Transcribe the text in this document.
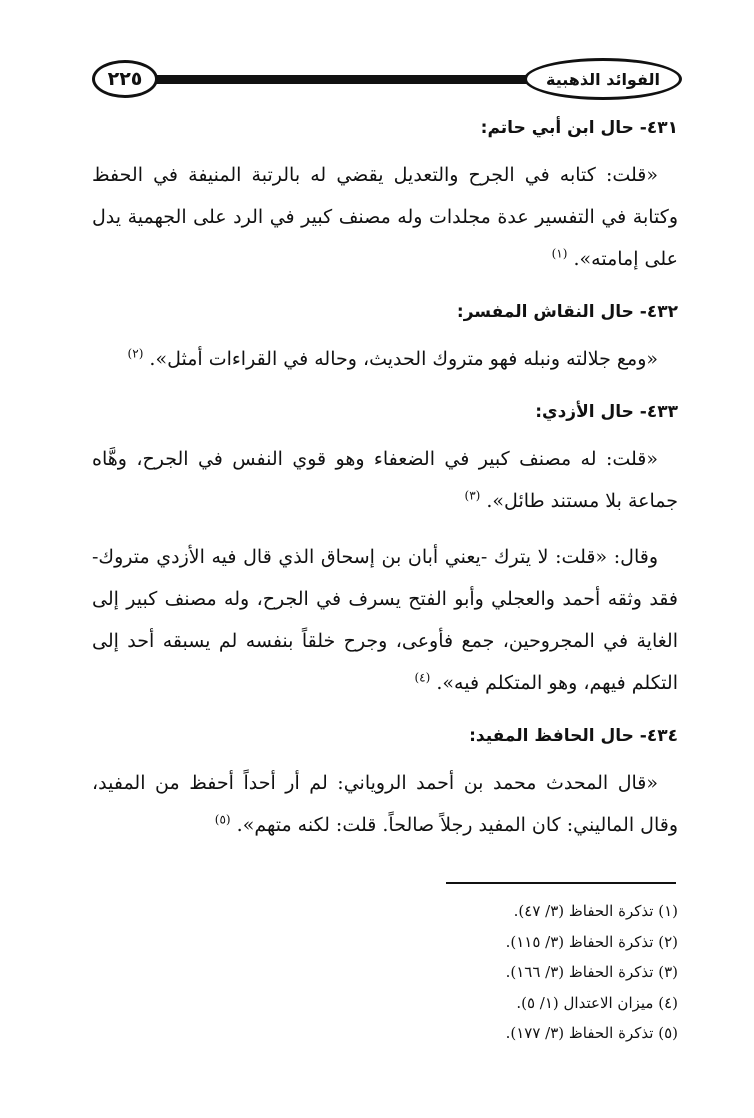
٢٢٥	الفوائد الذهبية

٤٣١- حال ابن أبي حاتم:

«قلت: كتابه في الجرح والتعديل يقضي له بالرتبة المنيفة في الحفظ وكتابة في التفسير عدة مجلدات وله مصنف كبير في الرد على الجهمية يدل على إمامته». $^{(١)}$

٤٣٢- حال النقاش المفسر:

«ومع جلالته ونبله فهو متروك الحديث، وحاله في القراءات أمثل». $^{(٢)}$

٤٣٣- حال الأزدي:

«قلت: له مصنف كبير في الضعفاء وهو قوي النفس في الجرح، وهَّاه جماعة بلا مستند طائل». $^{(٣)}$

وقال: «قلت: لا يترك -يعني أبان بن إسحاق الذي قال فيه الأزدي متروك- فقد وثقه أحمد والعجلي وأبو الفتح يسرف في الجرح، وله مصنف كبير إلى الغاية في المجروحين، جمع فأوعى، وجرح خلقاً بنفسه لم يسبقه أحد إلى التكلم فيهم، وهو المتكلم فيه». $^{(٤)}$

٤٣٤- حال الحافظ المفيد:

«قال المحدث محمد بن أحمد الروياني: لم أر أحداً أحفظ من المفيد، وقال الماليني: كان المفيد رجلاً صالحاً. قلت: لكنه متهم». $^{(٥)}$

(١) تذكرة الحفاظ (٣/ ٤٧).

(٢) تذكرة الحفاظ (٣/ ١١٥).

(٣) تذكرة الحفاظ (٣/ ١٦٦).

(٤) ميزان الاعتدال (١/ ٥).

(٥) تذكرة الحفاظ (٣/ ١٧٧).
